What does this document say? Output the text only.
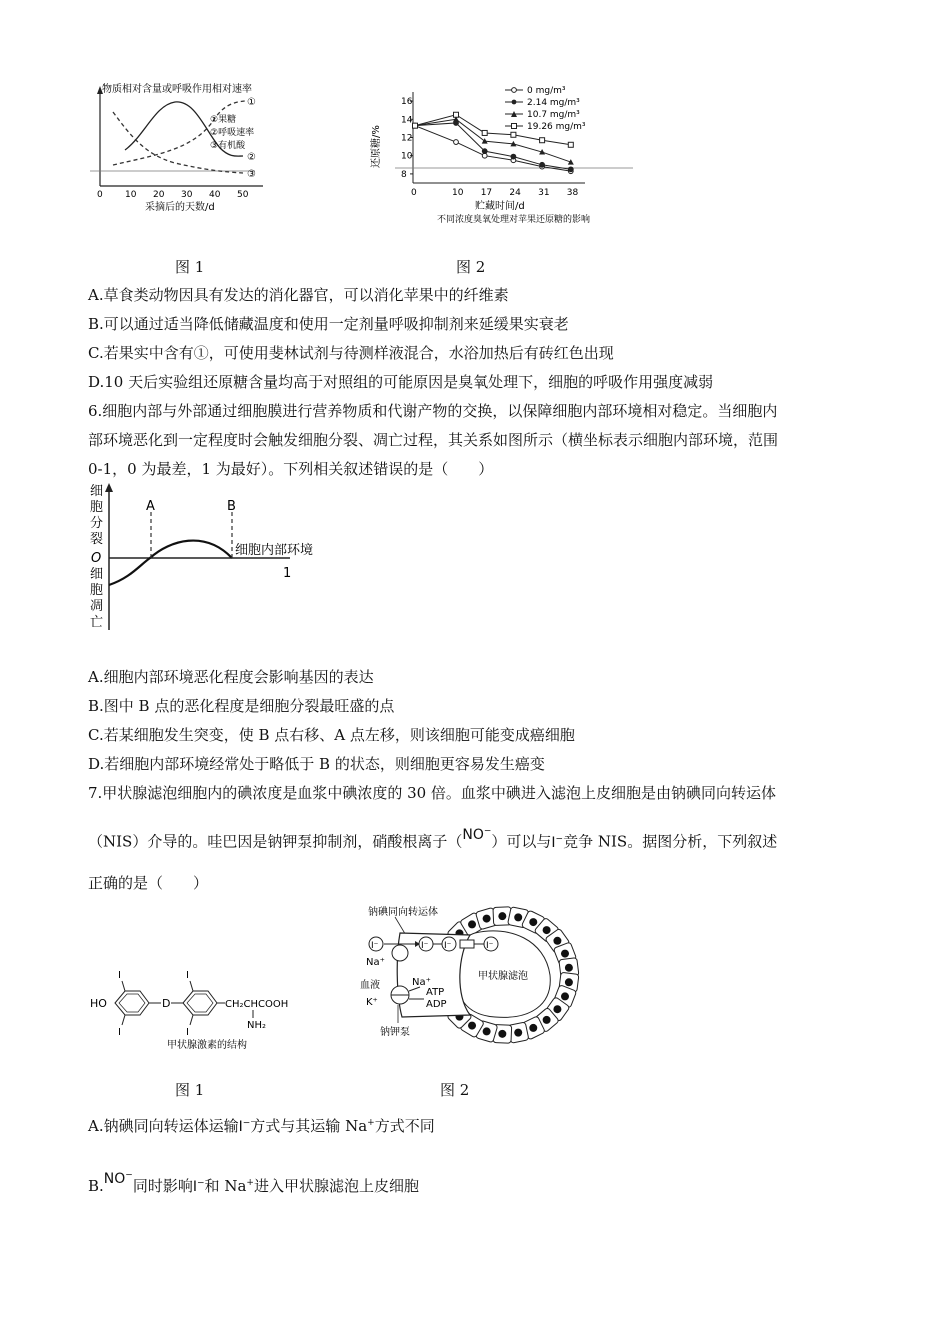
物质相对含量或呼吸作用相对速率
①
②
③
①果糖
②呼吸速率
③有机酸
0 10 20 30 40 50
采摘后的天数/d
还原糖/%
8
10
12
14
16
0	10 17 24 31 38
贮藏时间/d
不同浓度臭氧处理对苹果还原糖的影响
0 mg/m³
2.14 mg/m³
10.7 mg/m³
19.26 mg/m³
图 1	图 2
A.草食类动物因具有发达的消化器官，可以消化苹果中的纤维素
B.可以通过适当降低储藏温度和使用一定剂量呼吸抑制剂来延缓果实衰老
C.若果实中含有①，可使用斐林试剂与待测样液混合，水浴加热后有砖红色出现
D.10 天后实验组还原糖含量均高于对照组的可能原因是臭氧处理下，细胞的呼吸作用强度减弱
6.细胞内部与外部通过细胞膜进行营养物质和代谢产物的交换，以保障细胞内部环境相对稳定。当细胞内
部环境恶化到一定程度时会触发细胞分裂、凋亡过程，其关系如图所示（横坐标表示细胞内部环境，范围
0-1，0 为最差，1 为最好）。下列相关叙述错误的是（　　）
细
胞
分
裂
O
细
胞
凋
亡
A	B
细胞内部环境
1
A.细胞内部环境恶化程度会影响基因的表达
B.图中 B 点的恶化程度是细胞分裂最旺盛的点
C.若某细胞发生突变，使 B 点右移、A 点左移，则该细胞可能变成癌细胞
D.若细胞内部环境经常处于略低于 B 的状态，则细胞更容易发生癌变
7.甲状腺滤泡细胞内的碘浓度是血浆中碘浓度的 30 倍。血浆中碘进入滤泡上皮细胞是由钠碘同向转运体
（NIS）介导的。哇巴因是钠钾泵抑制剂，硝酸根离子（NO−）可以与I−竞争 NIS。据图分析，下列叙述
正确的是（　　）
HO
I
I
D
I
I
CH₂CHCOOH
NH₂
甲状腺激素的结构
钠碘同向转运体
甲状腺滤泡
I⁻
Na⁺
I⁻ I⁻	I⁻
血液
K⁺
Na⁺
ATP
ADP
钠钾泵
图 1	图 2
A.钠碘同向转运体运输I−方式与其运输 Na+方式不同
B.NO−同时影响I−和 Na+进入甲状腺滤泡上皮细胞
